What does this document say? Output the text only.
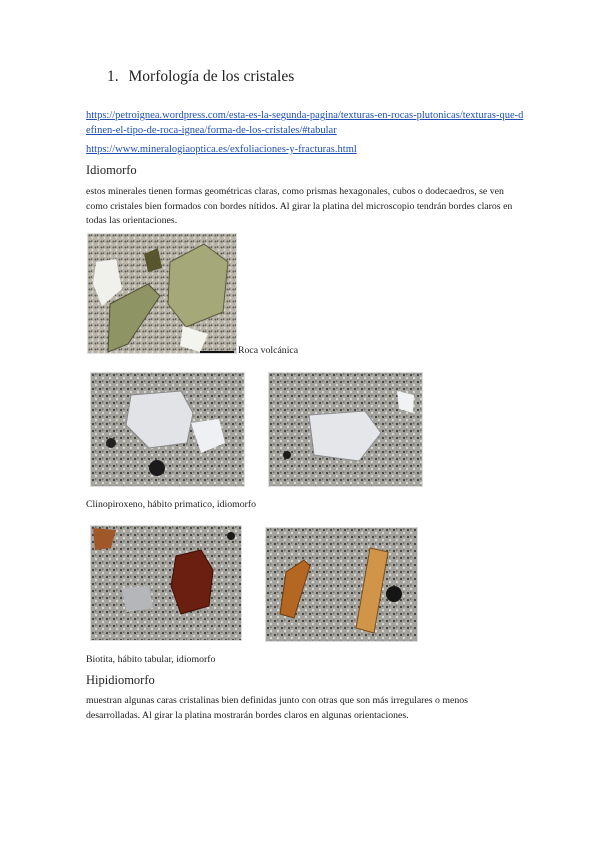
1. Morfología de los cristales
https://petroignea.wordpress.com/esta-es-la-segunda-pagina/texturas-en-rocas-plutonicas/texturas-que-definen-el-tipo-de-roca-ignea/forma-de-los-cristales/#tabular
https://www.mineralogiaoptica.es/exfoliaciones-y-fracturas.html
Idiomorfo
estos minerales tienen formas geométricas claras, como prismas hexagonales, cubos o dodecaedros, se ven como cristales bien formados con bordes nítidos. Al girar la platina del microscopio tendrán bordes claros en todas las orientaciones.
Roca volcánica
Clinopiroxeno, hábito primatico, idiomorfo
Biotita, hábito tabular, idiomorfo
Hipidiomorfo
muestran algunas caras cristalinas bien definidas junto con otras que son más irregulares o menos desarrolladas. Al girar la platina mostrarán bordes claros en algunas orientaciones.
